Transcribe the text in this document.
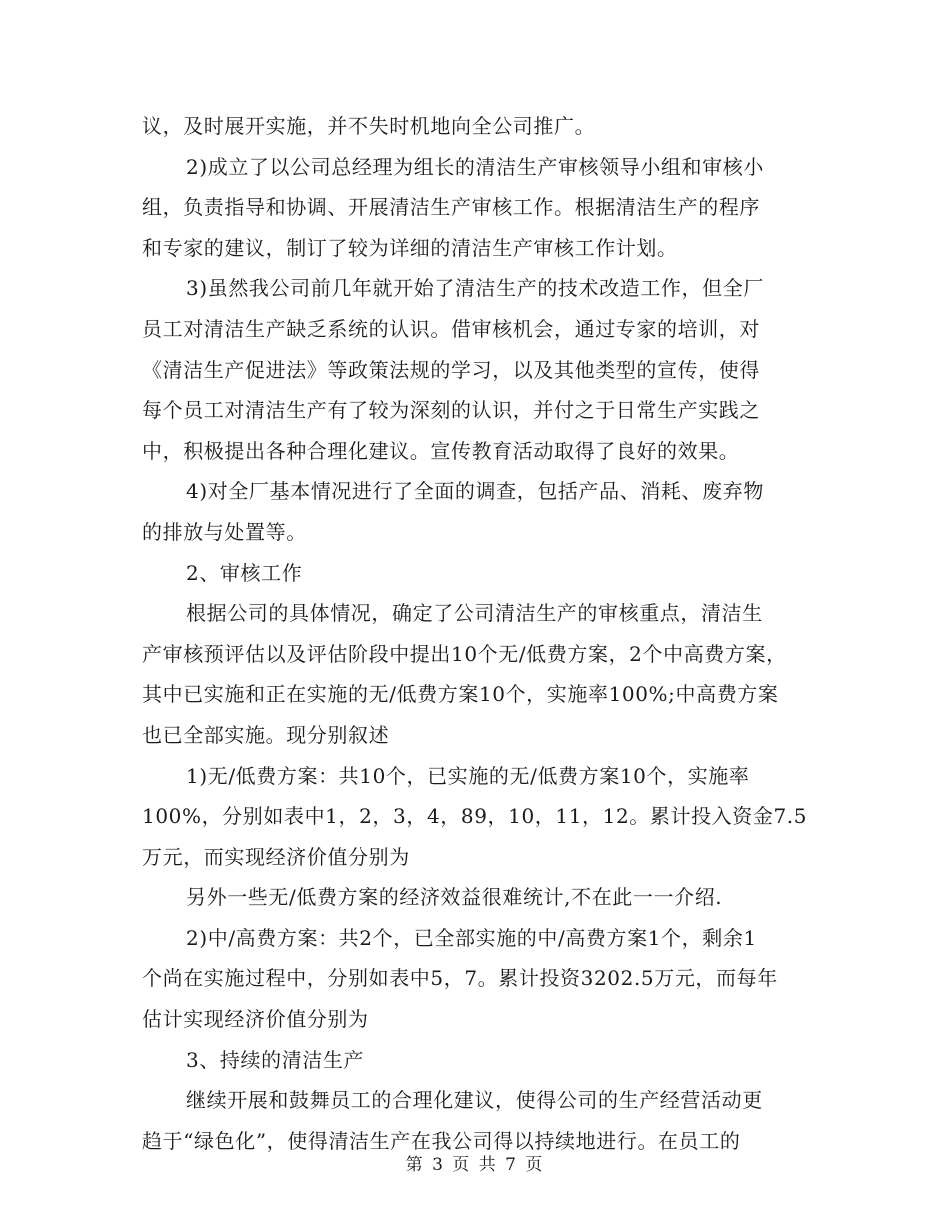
议，及时展开实施，并不失时机地向全公司推广。
2)成立了以公司总经理为组长的清洁生产审核领导小组和审核小
组，负责指导和协调、开展清洁生产审核工作。根据清洁生产的程序
和专家的建议，制订了较为详细的清洁生产审核工作计划。
3)虽然我公司前几年就开始了清洁生产的技术改造工作，但全厂
员工对清洁生产缺乏系统的认识。借审核机会，通过专家的培训，对
《清洁生产促进法》等政策法规的学习，以及其他类型的宣传，使得
每个员工对清洁生产有了较为深刻的认识，并付之于日常生产实践之
中，积极提出各种合理化建议。宣传教育活动取得了良好的效果。
4)对全厂基本情况进行了全面的调查，包括产品、消耗、废弃物
的排放与处置等。
2、审核工作
根据公司的具体情况，确定了公司清洁生产的审核重点，清洁生
产审核预评估以及评估阶段中提出10个无/低费方案，2个中高费方案，
其中已实施和正在实施的无/低费方案10个，实施率100%;中高费方案
也已全部实施。现分别叙述
1)无/低费方案：共10个，已实施的无/低费方案10个，实施率
100%，分别如表中1，2，3，4，89，10，11，12。累计投入资金7.5
万元，而实现经济价值分别为
另外一些无/低费方案的经济效益很难统计,不在此一一介绍.
2)中/高费方案：共2个，已全部实施的中/高费方案1个，剩余1
个尚在实施过程中，分别如表中5，7。累计投资3202.5万元，而每年
估计实现经济价值分别为
3、持续的清洁生产
继续开展和鼓舞员工的合理化建议，使得公司的生产经营活动更
趋于“绿色化”，使得清洁生产在我公司得以持续地进行。在员工的
第 3 页 共 7 页
